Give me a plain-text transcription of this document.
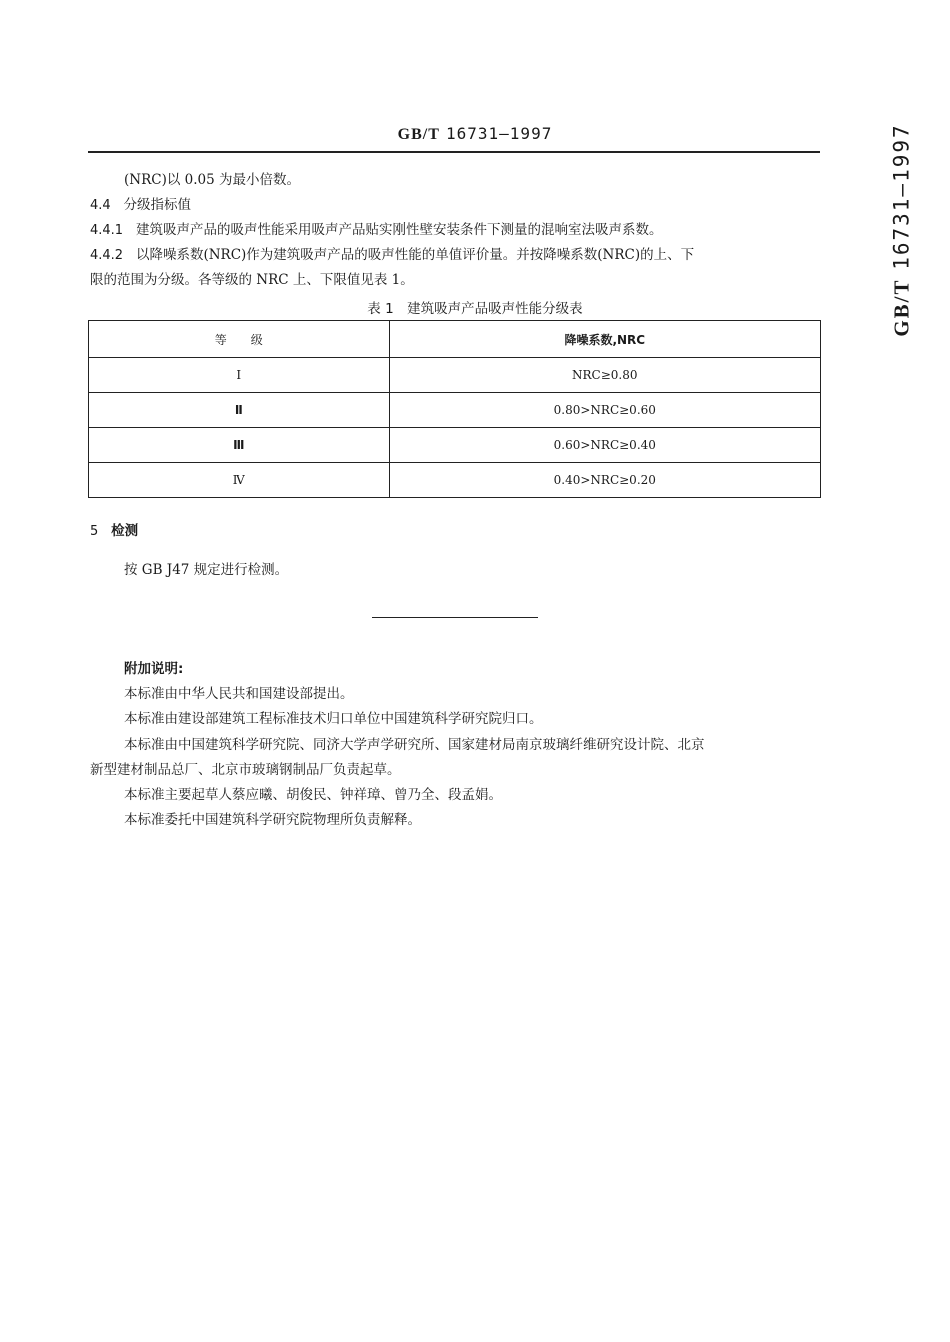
GB/T 16731—1997
GB/T 16731—1997
(NRC)以 0.05 为最小倍数。
4.4 分级指标值
4.4.1 建筑吸声产品的吸声性能采用吸声产品贴实刚性壁安装条件下测量的混响室法吸声系数。
4.4.2 以降噪系数(NRC)作为建筑吸声产品的吸声性能的单值评价量。并按降噪系数(NRC)的上、下
限的范围为分级。各等级的 NRC 上、下限值见表 1。
表 1　建筑吸声产品吸声性能分级表
等　　级	降噪系数,NRC
I	NRC≥0.80
Ⅱ	0.80>NRC≥0.60
Ⅲ	0.60>NRC≥0.40
Ⅳ	0.40>NRC≥0.20
5 检测
按 GB J47 规定进行检测。
附加说明:
本标准由中华人民共和国建设部提出。
本标准由建设部建筑工程标准技术归口单位中国建筑科学研究院归口。
本标准由中国建筑科学研究院、同济大学声学研究所、国家建材局南京玻璃纤维研究设计院、北京
新型建材制品总厂、北京市玻璃钢制品厂负责起草。
本标准主要起草人蔡应曦、胡俊民、钟祥璋、曾乃全、段孟娟。
本标准委托中国建筑科学研究院物理所负责解释。
